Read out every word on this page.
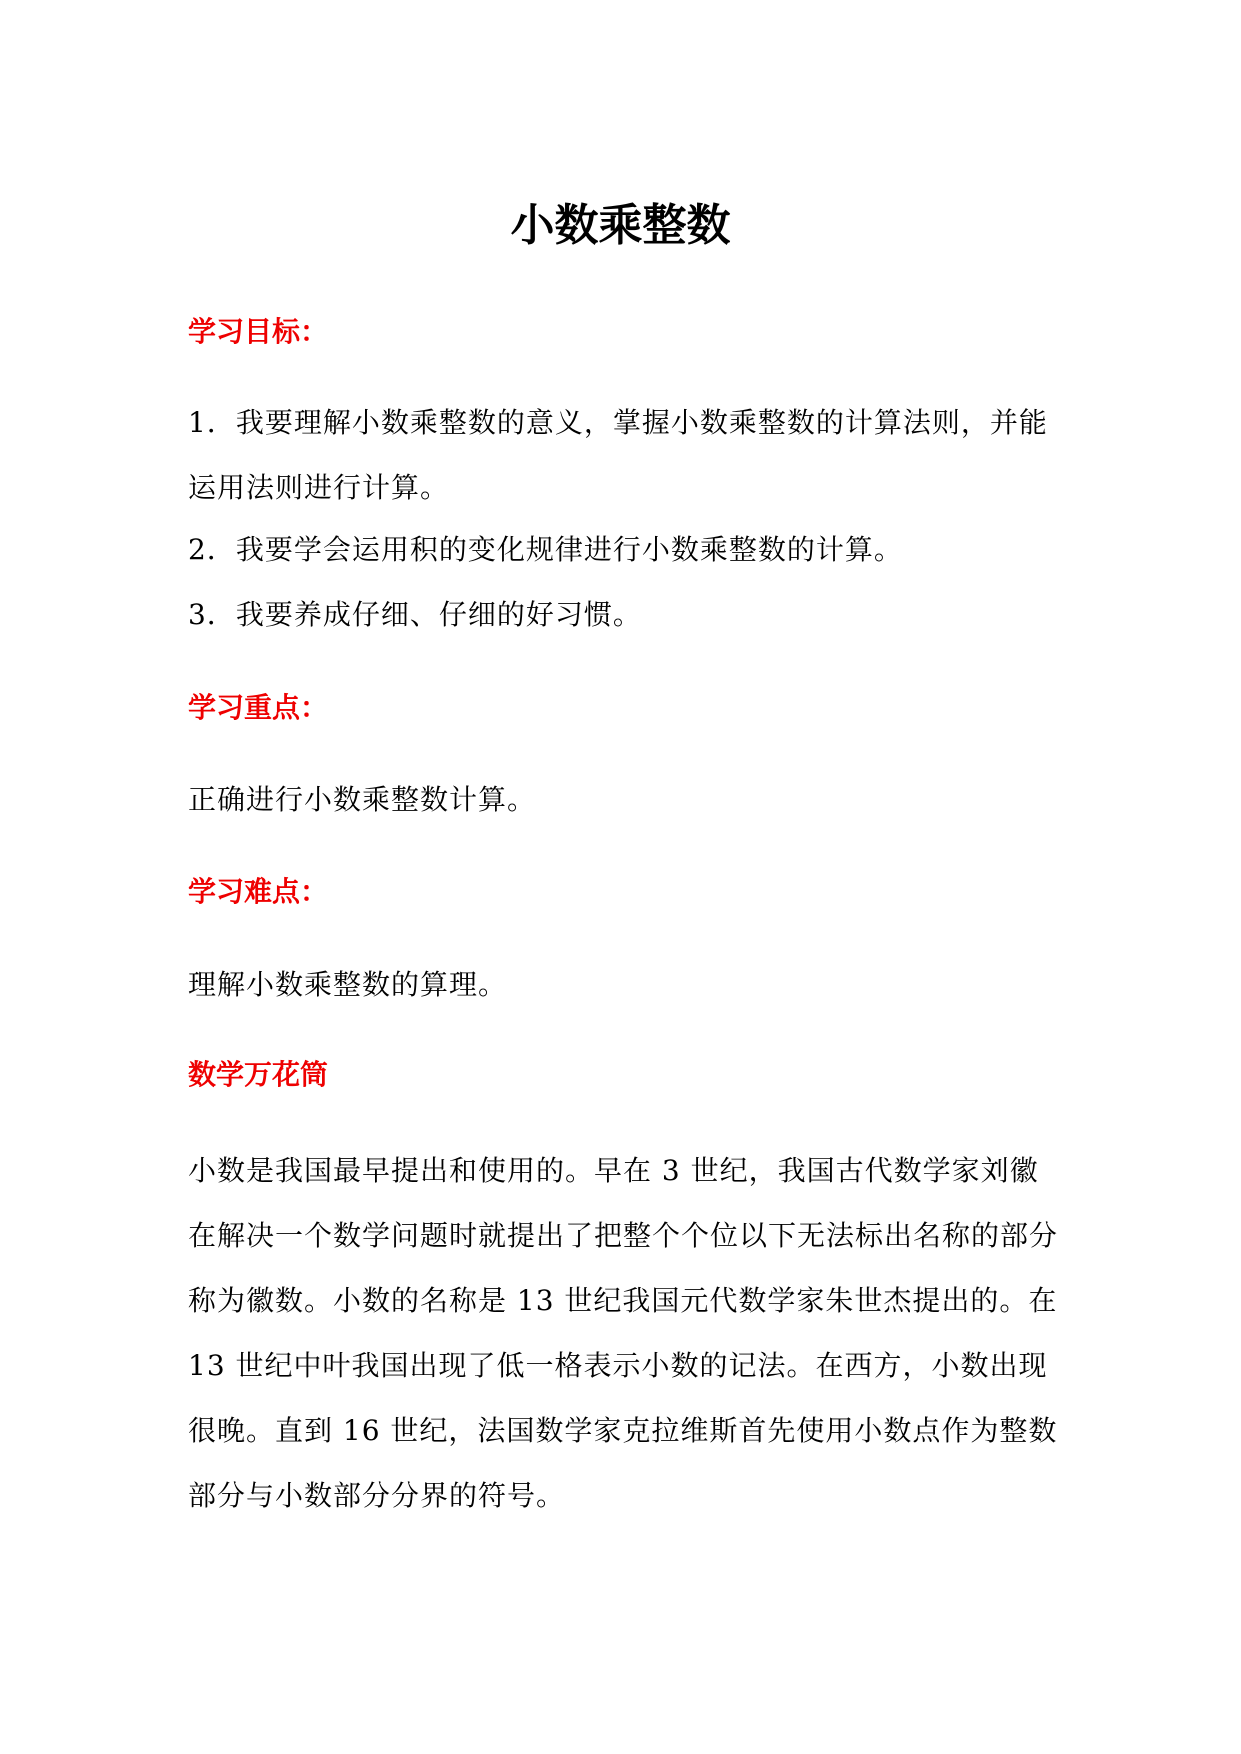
小数乘整数
学习目标：

1．我要理解小数乘整数的意义，掌握小数乘整数的计算法则，并能运用法则进行计算。

2．我要学会运用积的变化规律进行小数乘整数的计算。

3．我要养成仔细、仔细的好习惯。

学习重点：

正确进行小数乘整数计算。

学习难点：

理解小数乘整数的算理。

数学万花筒

小数是我国最早提出和使用的。早在 3 世纪，我国古代数学家刘徽在解决一个数学问题时就提出了把整个个位以下无法标出名称的部分称为徽数。小数的名称是 13 世纪我国元代数学家朱世杰提出的。在 13 世纪中叶我国出现了低一格表示小数的记法。在西方，小数出现很晚。直到 16 世纪，法国数学家克拉维斯首先使用小数点作为整数部分与小数部分分界的符号。
